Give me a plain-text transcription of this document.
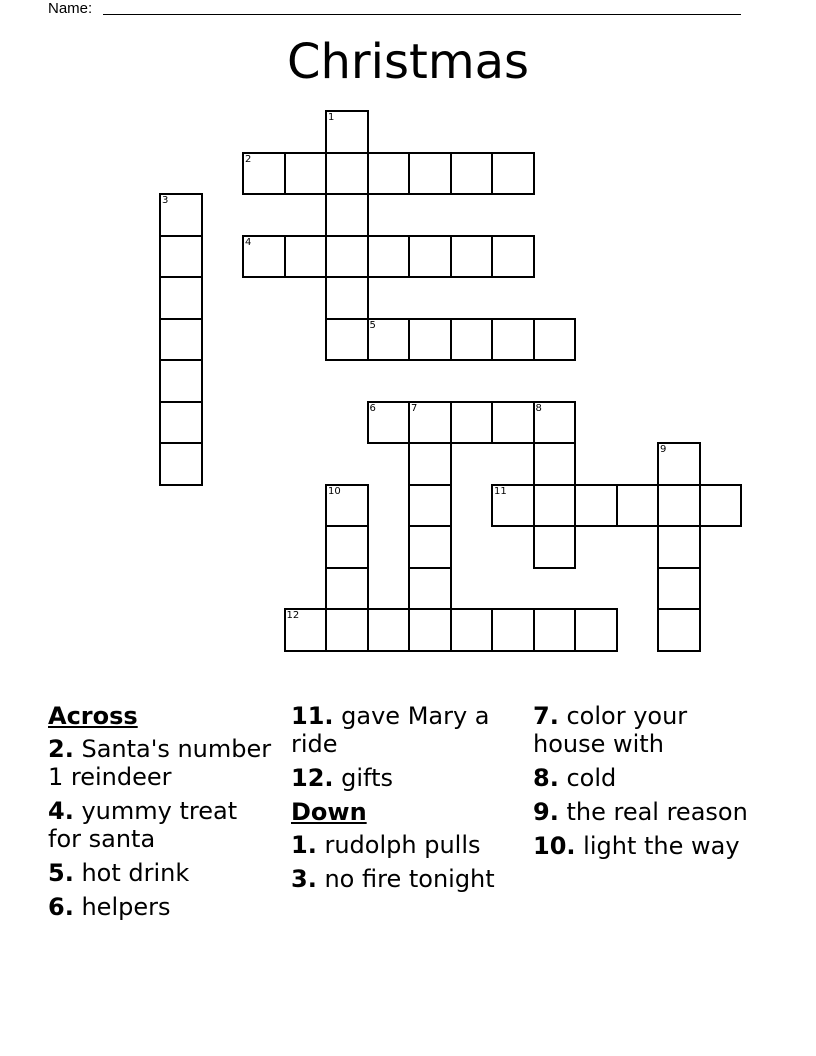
Name:
Christmas
1
2
3
4
5
6	7	8
9
10	11
12
Across
2. Santa's number 1 reindeer
4. yummy treat for santa
5. hot drink
6. helpers
11. gave Mary a ride
12. gifts
Down
1. rudolph pulls
3. no fire tonight
7. color your house with
8. cold
9. the real reason
10. light the way
